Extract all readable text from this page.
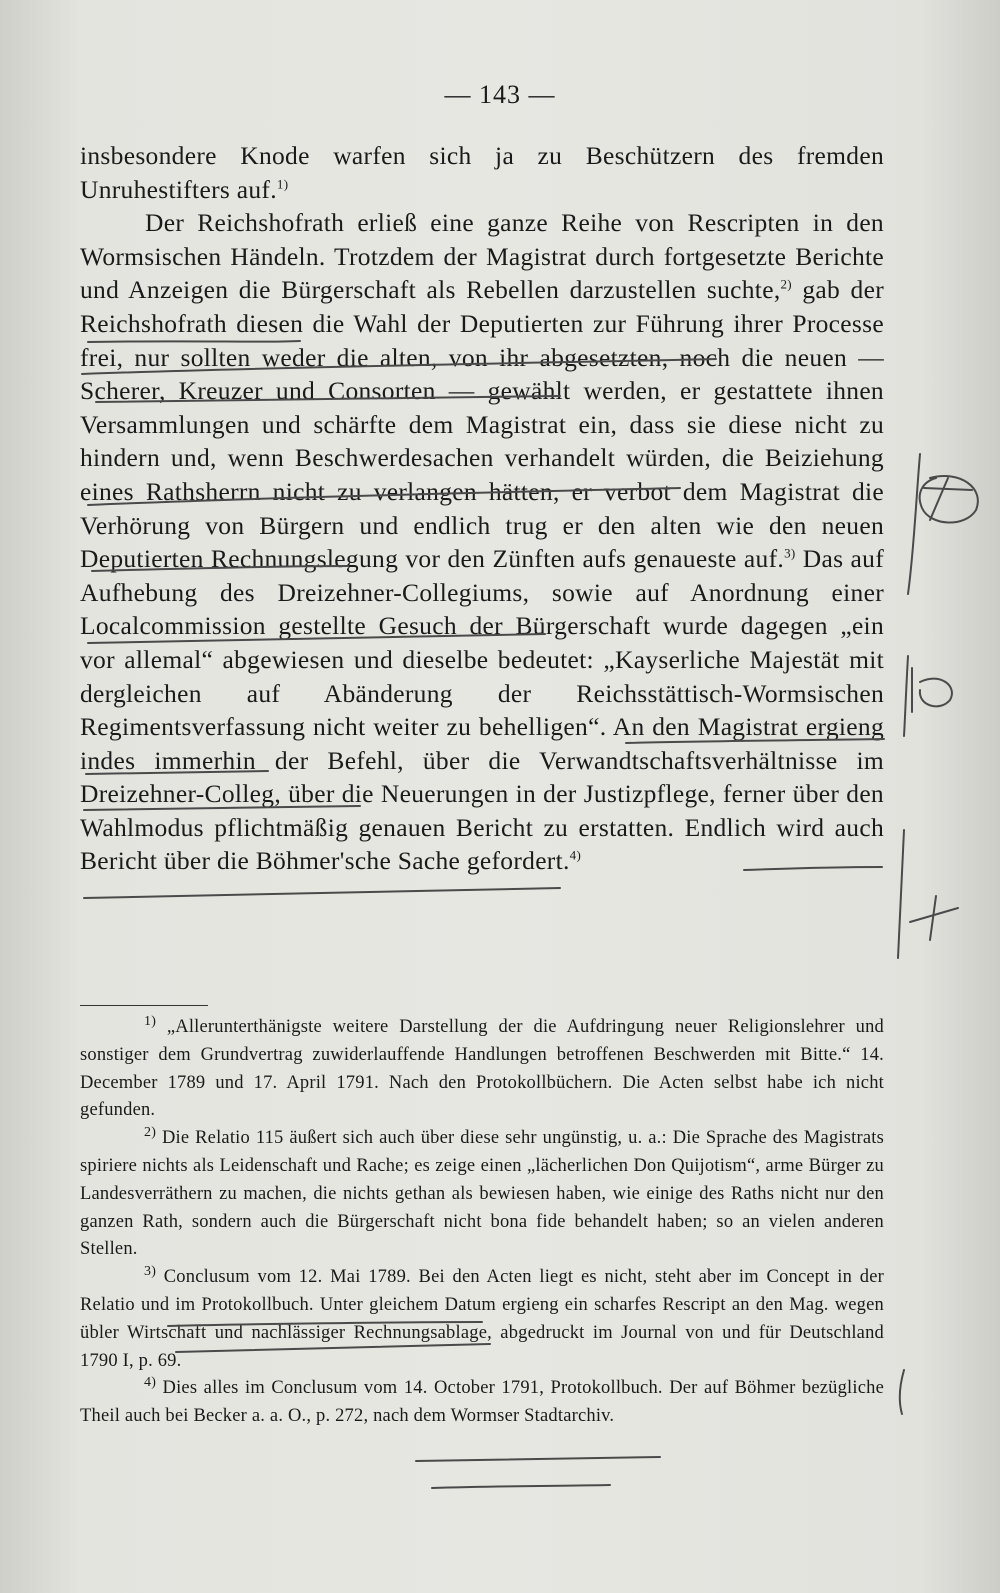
— 143 —

insbesondere Knode warfen sich ja zu Beschützern des fremden Unruhestifters auf.$^{1)}$

Der Reichshofrath erließ eine ganze Reihe von Rescripten in den Wormsischen Händeln. Trotzdem der Magistrat durch fortgesetzte Berichte und Anzeigen die Bürgerschaft als Rebellen darzustellen suchte,$^{2)}$ gab der Reichshofrath diesen die Wahl der Deputierten zur Führung ihrer Processe frei, nur sollten weder die alten, von ihr abgesetzten, noch die neuen — Scherer, Kreuzer und Consorten — gewählt werden, er gestattete ihnen Versammlungen und schärfte dem Magistrat ein, dass sie diese nicht zu hindern und, wenn Beschwerdesachen verhandelt würden, die Beiziehung eines Rathsherrn nicht zu verlangen hätten, er verbot dem Magistrat die Verhörung von Bürgern und endlich trug er den alten wie den neuen Deputierten Rechnungslegung vor den Zünften aufs genaueste auf.$^{3)}$ Das auf Aufhebung des Dreizehner-Collegiums, sowie auf Anordnung einer Localcommission gestellte Gesuch der Bürgerschaft wurde dagegen „ein vor allemal“ abgewiesen und dieselbe bedeutet: „Kayserliche Majestät mit dergleichen auf Abänderung der Reichsstättisch-Wormsischen Regimentsverfassung nicht weiter zu behelligen“. An den Magistrat ergieng indes immerhin der Befehl, über die Verwandtschaftsverhältnisse im Dreizehner-Colleg, über die Neuerungen in der Justizpflege, ferner über den Wahlmodus pflichtmäßig genauen Bericht zu erstatten. Endlich wird auch Bericht über die Böhmer'sche Sache gefordert.$^{4)}$

$^{1)}$ „Allerunterthänigste weitere Darstellung der die Aufdringung neuer Religionslehrer und sonstiger dem Grundvertrag zuwiderlauffende Handlungen betroffenen Beschwerden mit Bitte.“ 14. December 1789 und 17. April 1791. Nach den Protokollbüchern. Die Acten selbst habe ich nicht gefunden.

$^{2)}$ Die Relatio 115 äußert sich auch über diese sehr ungünstig, u. a.: Die Sprache des Magistrats spiriere nichts als Leidenschaft und Rache; es zeige einen „lächerlichen Don Quijotism“, arme Bürger zu Landesverräthern zu machen, die nichts gethan als bewiesen haben, wie einige des Raths nicht nur den ganzen Rath, sondern auch die Bürgerschaft nicht bona fide behandelt haben; so an vielen anderen Stellen.

$^{3)}$ Conclusum vom 12. Mai 1789. Bei den Acten liegt es nicht, steht aber im Concept in der Relatio und im Protokollbuch. Unter gleichem Datum ergieng ein scharfes Rescript an den Mag. wegen übler Wirtschaft und nachlässiger Rechnungsablage, abgedruckt im Journal von und für Deutschland 1790 I, p. 69.

$^{4)}$ Dies alles im Conclusum vom 14. October 1791, Protokollbuch. Der auf Böhmer bezügliche Theil auch bei Becker a. a. O., p. 272, nach dem Wormser Stadtarchiv.
